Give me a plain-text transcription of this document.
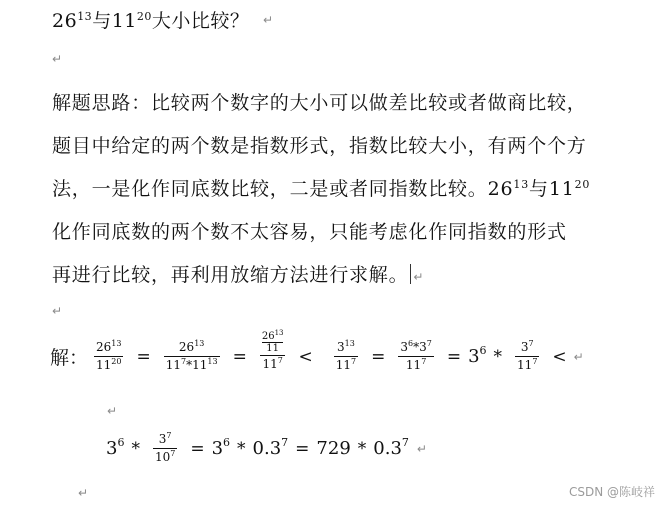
$26^{13}$与$11^{20}$大小比较？ ↵
↵

解题思路：比较两个数字的大小可以做差比较或者做商比较，

题目中给定的两个数是指数形式，指数比较大小，有两个个方

法，一是化作同底数比较，二是或者同指数比较。$26^{13}$与$11^{20}$

化作同底数的两个数不太容易，只能考虑化作同指数的形式

再进行比较，再利用放缩方法进行求解。 ↵

↵
解： $\frac{26^{13}}{11^{20}} = \frac{26^{13}}{11^7*11^{13}} = 26^{13}$
11
$11^7 < \frac{3^{13}}{11^7} = \frac{3^6*3^7}{11^7} = 3^6 * \frac{3^7}{11^7}$ < ↵
↵
$3^6 * \frac{3^7}{10^7} = 3^6 * 0.3^7 = 729 * 0.3^7$ ↵
↵	CSDN @陈岐祥
